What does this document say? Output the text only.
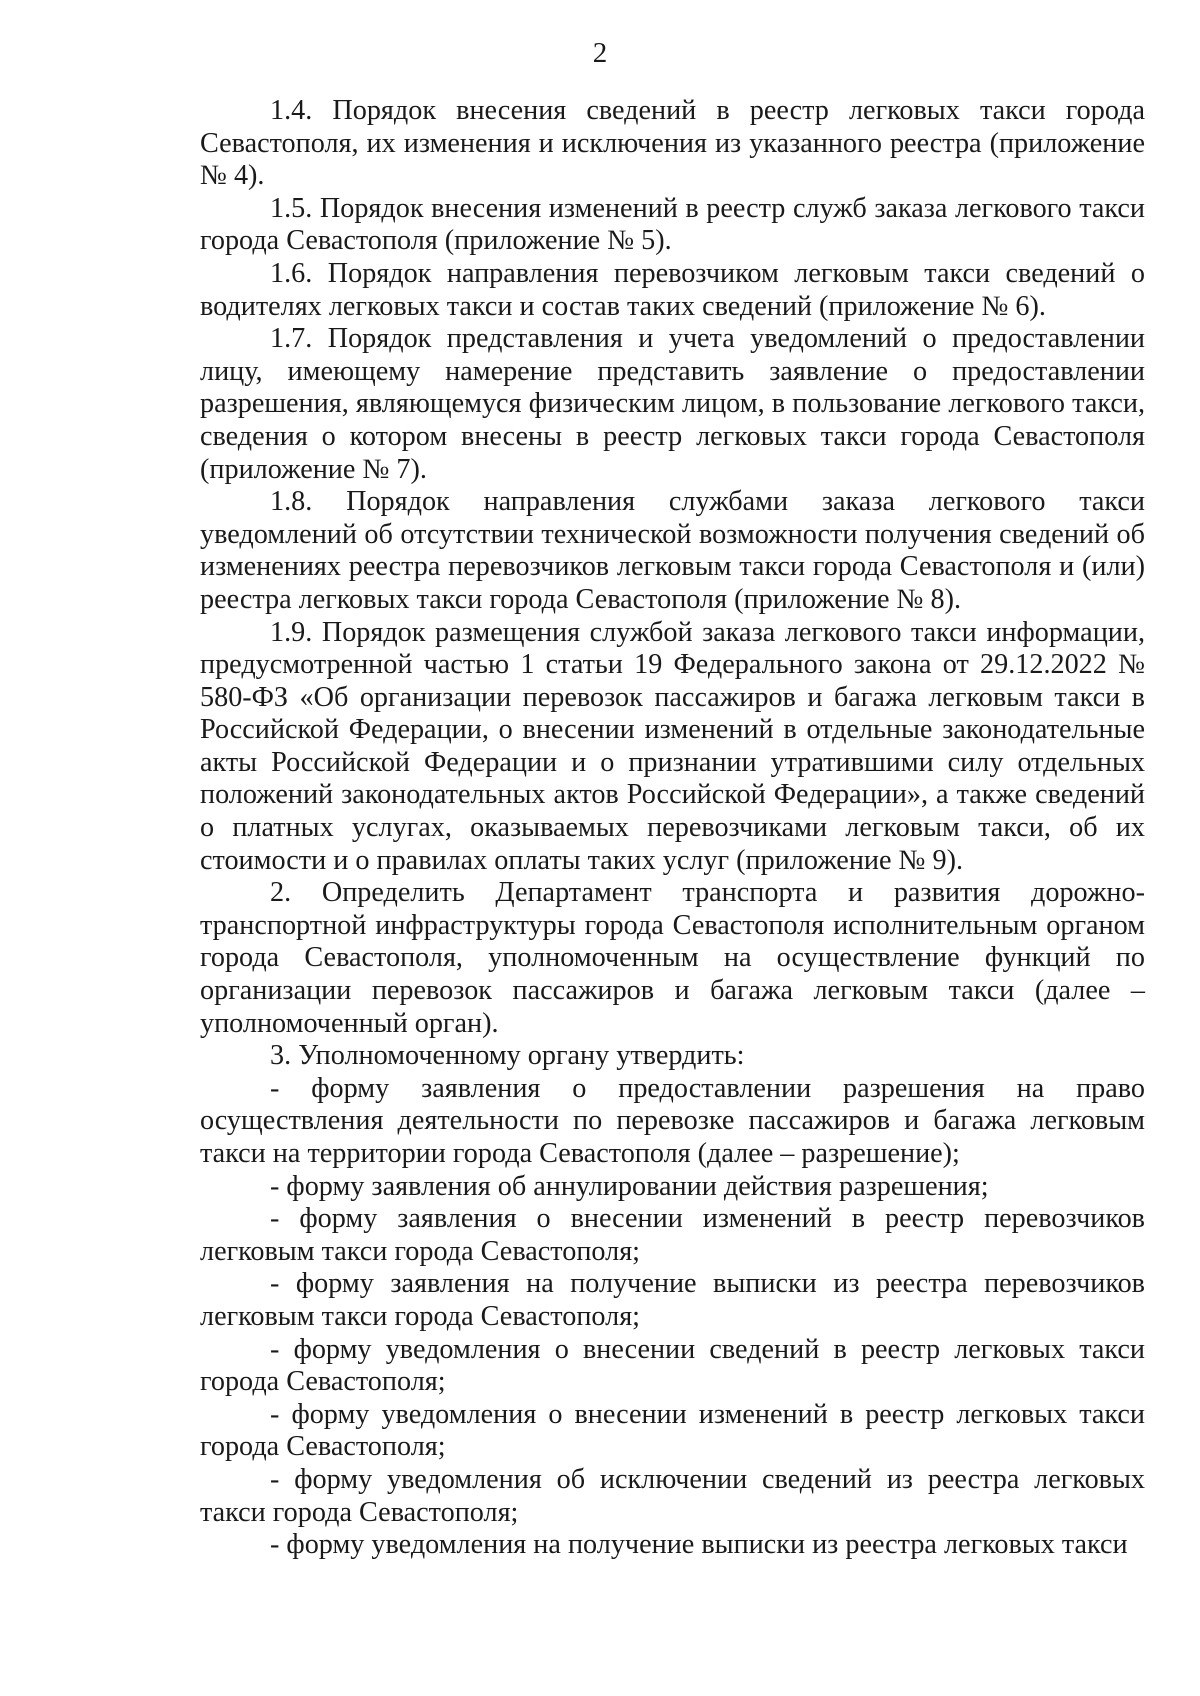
2

1.4. Порядок внесения сведений в реестр легковых такси города Севастополя, их изменения и исключения из указанного реестра (приложение № 4).

1.5. Порядок внесения изменений в реестр служб заказа легкового такси города Севастополя (приложение № 5).

1.6. Порядок направления перевозчиком легковым такси сведений о водителях легковых такси и состав таких сведений (приложение № 6).

1.7. Порядок представления и учета уведомлений о предоставлении лицу, имеющему намерение представить заявление о предоставлении разрешения, являющемуся физическим лицом, в пользование легкового такси, сведения о котором внесены в реестр легковых такси города Севастополя (приложение № 7).

1.8. Порядок направления службами заказа легкового такси уведомлений об отсутствии технической возможности получения сведений об изменениях реестра перевозчиков легковым такси города Севастополя и (или) реестра легковых такси города Севастополя (приложение № 8).

1.9. Порядок размещения службой заказа легкового такси информации, предусмотренной частью 1 статьи 19 Федерального закона от 29.12.2022 № 580-ФЗ «Об организации перевозок пассажиров и багажа легковым такси в Российской Федерации, о внесении изменений в отдельные законодательные акты Российской Федерации и о признании утратившими силу отдельных положений законодательных актов Российской Федерации», а также сведений о платных услугах, оказываемых перевозчиками легковым такси, об их стоимости и о правилах оплаты таких услуг (приложение № 9).

2. Определить Департамент транспорта и развития дорожно-транспортной инфраструктуры города Севастополя исполнительным органом города Севастополя, уполномоченным на осуществление функций по организации перевозок пассажиров и багажа легковым такси (далее – уполномоченный орган).

3. Уполномоченному органу утвердить:

- форму заявления о предоставлении разрешения на право осуществления деятельности по перевозке пассажиров и багажа легковым такси на территории города Севастополя (далее – разрешение);

- форму заявления об аннулировании действия разрешения;

- форму заявления о внесении изменений в реестр перевозчиков легковым такси города Севастополя;

- форму заявления на получение выписки из реестра перевозчиков легковым такси города Севастополя;

- форму уведомления о внесении сведений в реестр легковых такси города Севастополя;

- форму уведомления о внесении изменений в реестр легковых такси города Севастополя;

- форму уведомления об исключении сведений из реестра легковых такси города Севастополя;

- форму уведомления на получение выписки из реестра легковых такси
